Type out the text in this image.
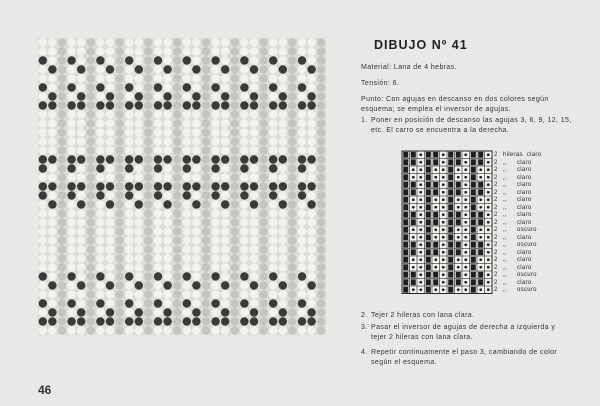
46
DIBUJO Nº 41
Material: Lana de 4 hebras.
Tensión: 6.
Punto: Con agujas en descanso en dos colores según esquema; se emplea el inversor de agujas.
1. Poner en posición de descanso las agujas 3, 6, 9, 12, 15, etc. El carro se encuentra a la derecha.
2 hileras claro
2 ,,	claro
2 ,,	claro
2 ,,	claro
2 ,,	claro
2 ,,	claro
2 ,,	claro
2 ,,	claro
2 ,,	claro
2 ,,	claro
2 ,,	oscuro
2 ,,	claro
2 ,,	oscuro
2 ,,	claro
2 ,,	claro
2 ,,	claro
2 ,,	oscuro
2 ,,	claro
2 ,,	oscuro
2. Tejer 2 hileras con lana clara.
3. Pasar el inversor de agujas de derecha a izquierda y tejer 2 hileras con lana clara.
4. Repetir continuamente el paso 3, cambiando de color según el esquema.
